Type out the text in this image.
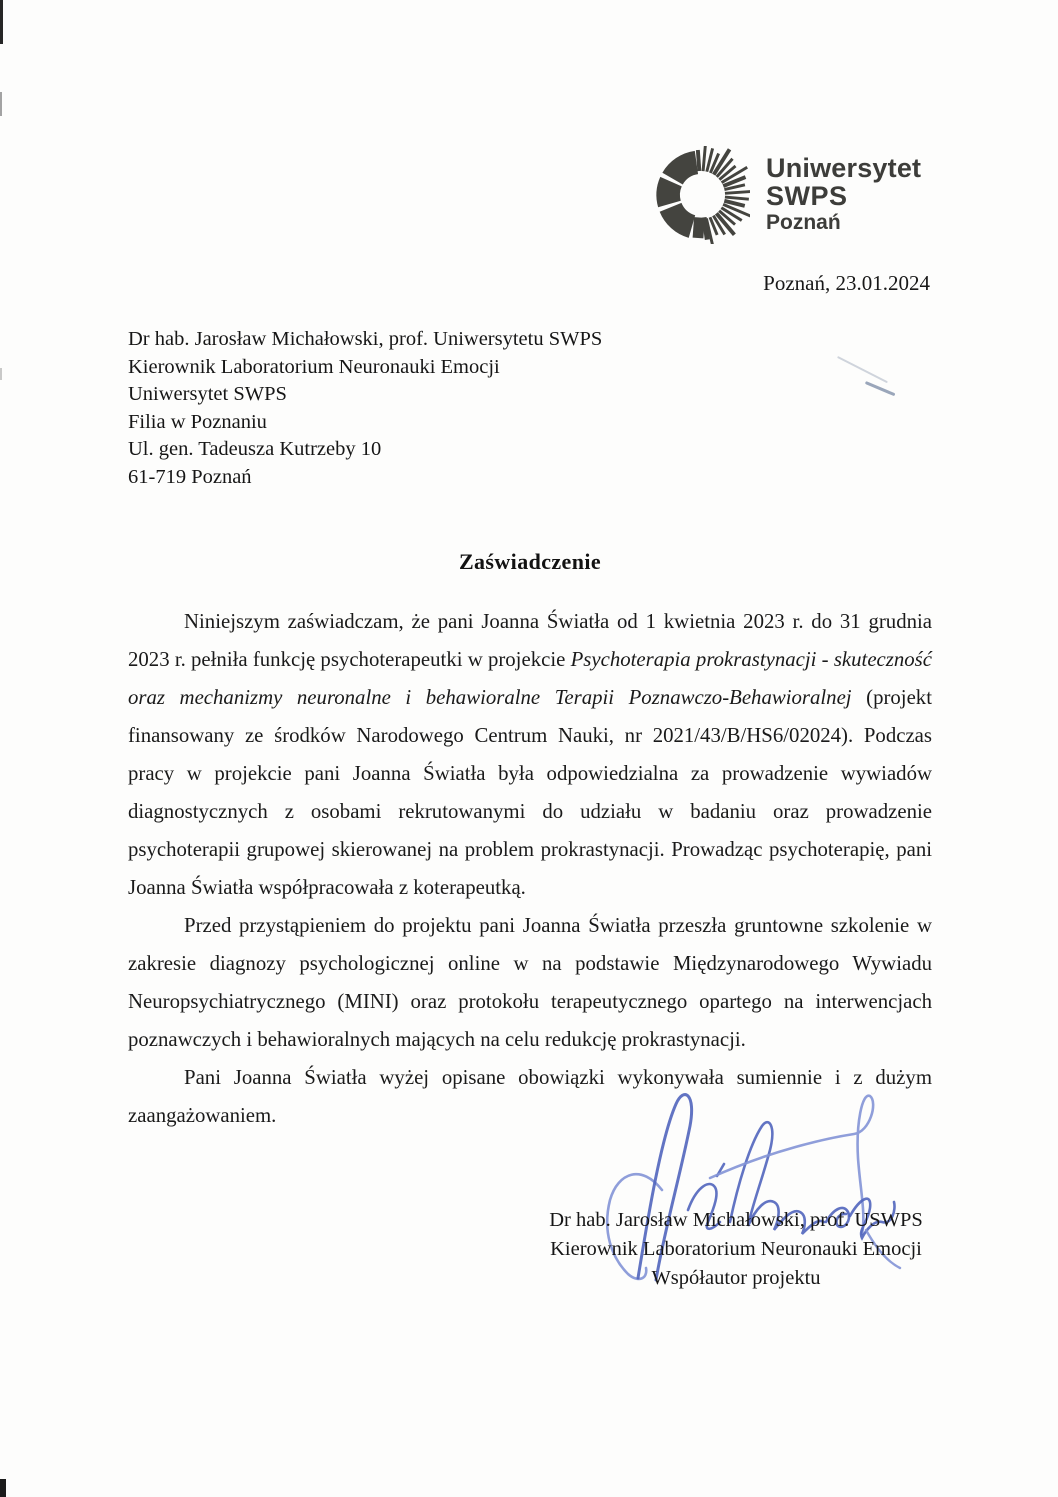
Uniwersytet
SWPS
Poznań
Poznań, 23.01.2024
Dr hab. Jarosław Michałowski, prof. Uniwersytetu SWPS
Kierownik Laboratorium Neuronauki Emocji
Uniwersytet SWPS
Filia w Poznaniu
Ul. gen. Tadeusza Kutrzeby 10
61-719 Poznań
Zaświadczenie

Niniejszym zaświadczam, że pani Joanna Światła od 1 kwietnia 2023 r. do 31 grudnia 2023 r. pełniła funkcję psychoterapeutki w projekcie Psychoterapia prokrastynacji - skuteczność oraz mechanizmy neuronalne i behawioralne Terapii Poznawczo-Behawioralnej (projekt finansowany ze środków Narodowego Centrum Nauki, nr 2021/43/B/HS6/02024). Podczas pracy w projekcie pani Joanna Światła była odpowiedzialna za prowadzenie wywiadów diagnostycznych z osobami rekrutowanymi do udziału w badaniu oraz prowadzenie psychoterapii grupowej skierowanej na problem prokrastynacji. Prowadząc psychoterapię, pani Joanna Światła współpracowała z koterapeutką.

Przed przystąpieniem do projektu pani Joanna Światła przeszła gruntowne szkolenie w zakresie diagnozy psychologicznej online w na podstawie Międzynarodowego Wywiadu Neuropsychiatrycznego (MINI) oraz protokołu terapeutycznego opartego na interwencjach poznawczych i behawioralnych mających na celu redukcję prokrastynacji.

Pani Joanna Światła wyżej opisane obowiązki wykonywała sumiennie i z dużym zaangażowaniem.

Dr hab. Jarosław Michałowski, prof. USWPS
Kierownik Laboratorium Neuronauki Emocji
Współautor projektu
